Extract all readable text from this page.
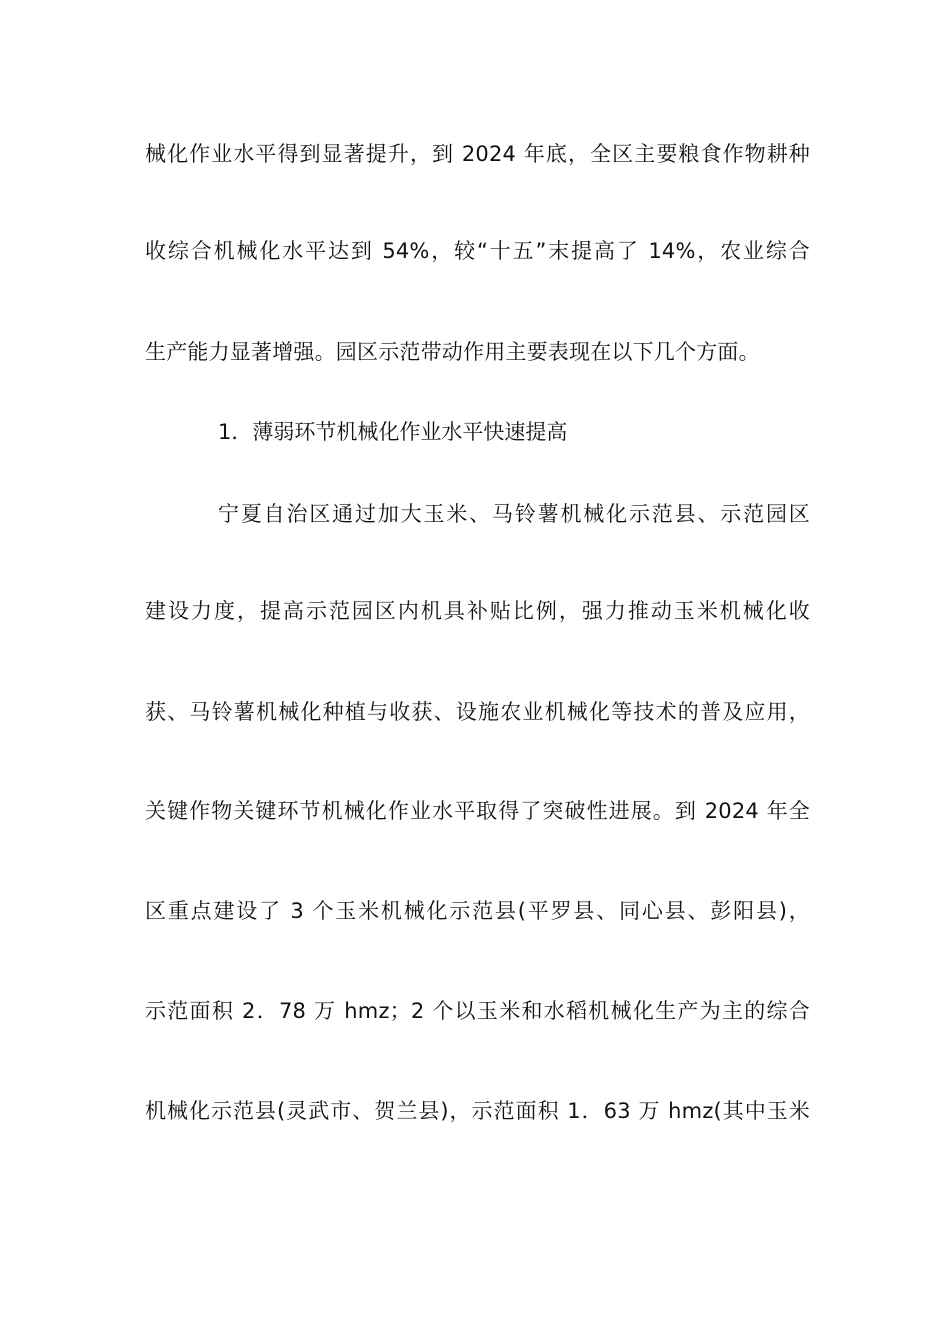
械化作业水平得到显著提升，到 2024 年底，全区主要粮食作物耕种
收综合机械化水平达到 54%，较“十五”末提高了 14%，农业综合
生产能力显著增强。园区示范带动作用主要表现在以下几个方面。
1．薄弱环节机械化作业水平快速提高
宁夏自治区通过加大玉米、马铃薯机械化示范县、示范园区
建设力度，提高示范园区内机具补贴比例，强力推动玉米机械化收
获、马铃薯机械化种植与收获、设施农业机械化等技术的普及应用，
关键作物关键环节机械化作业水平取得了突破性进展。到 2024 年全
区重点建设了 3 个玉米机械化示范县(平罗县、同心县、彭阳县)，
示范面积 2．78 万 hmz；2 个以玉米和水稻机械化生产为主的综合
机械化示范县(灵武市、贺兰县)，示范面积 1．63 万 hmz(其中玉米
